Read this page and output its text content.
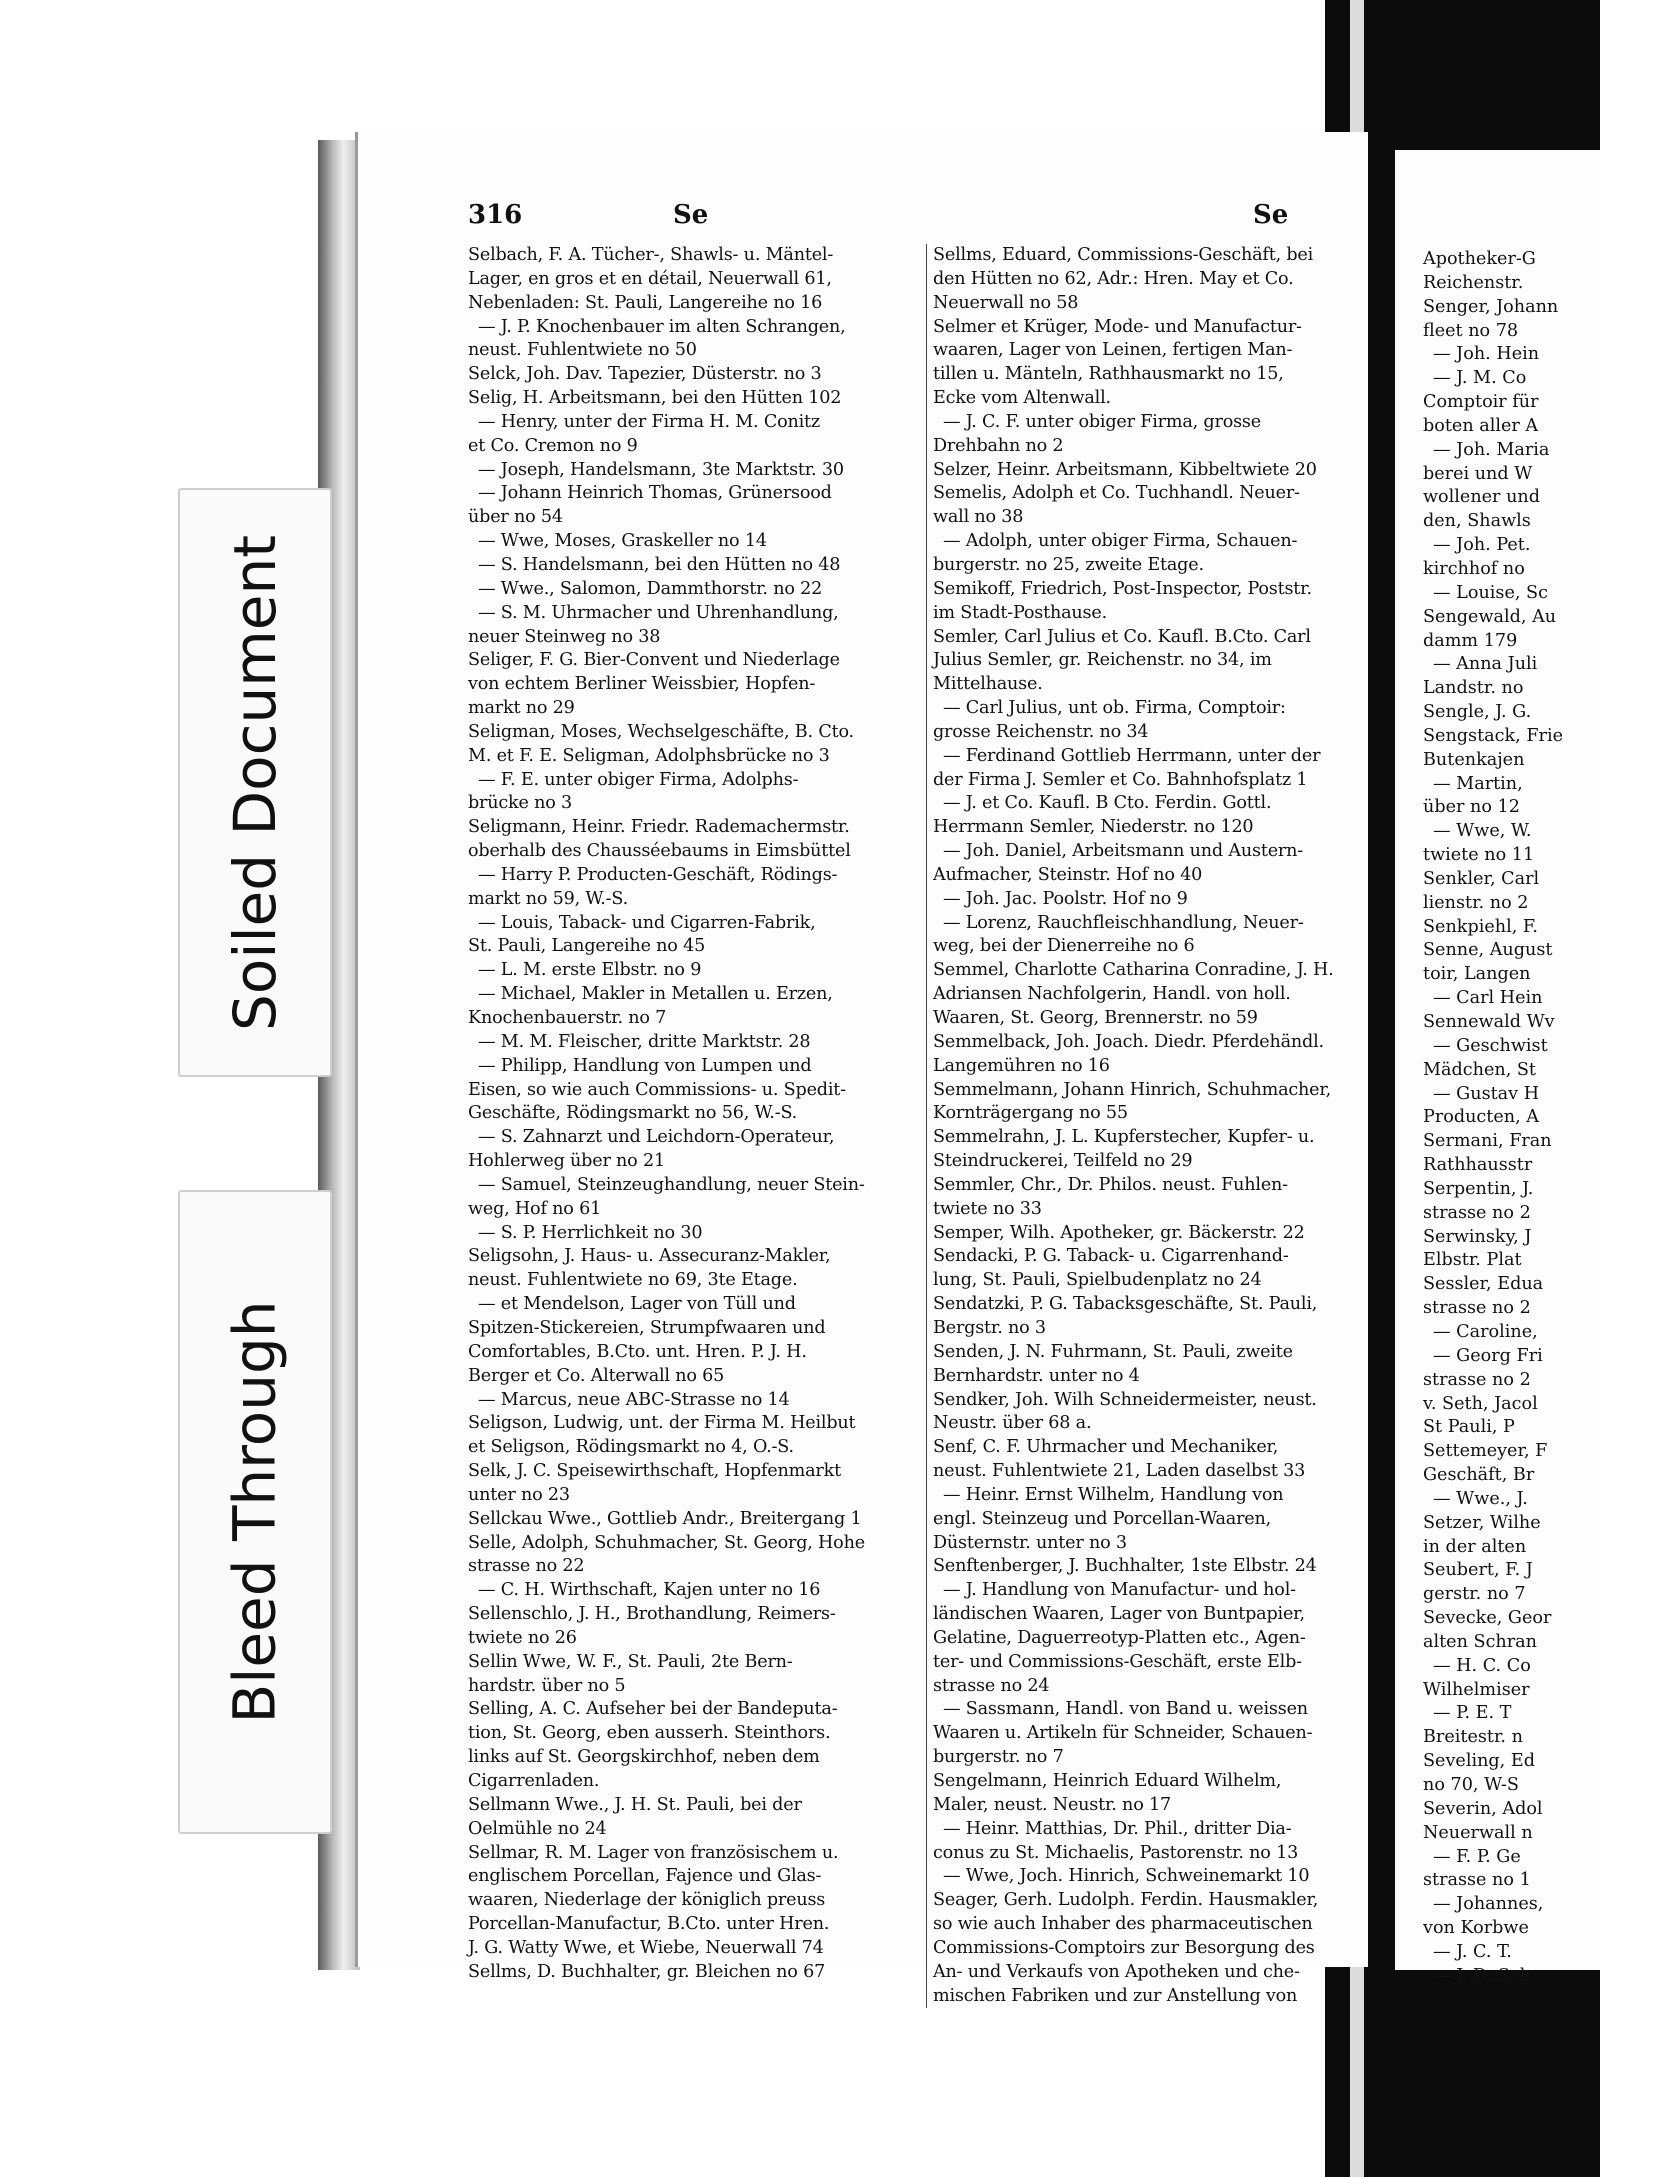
Soiled Document
Bleed Through
316	Se	Se
Selbach, F. A. Tücher-, Shawls- u. Mäntel-
Lager, en gros et en détail, Neuerwall 61,
Nebenladen: St. Pauli, Langereihe no 16
— J. P. Knochenbauer im alten Schrangen,
neust. Fuhlentwiete no 50
Selck, Joh. Dav. Tapezier, Düsterstr. no 3
Selig, H. Arbeitsmann, bei den Hütten 102
— Henry, unter der Firma H. M. Conitz
et Co. Cremon no 9
— Joseph, Handelsmann, 3te Marktstr. 30
— Johann Heinrich Thomas, Grünersood
über no 54
— Wwe, Moses, Graskeller no 14
— S. Handelsmann, bei den Hütten no 48
— Wwe., Salomon, Dammthorstr. no 22
— S. M. Uhrmacher und Uhrenhandlung,
neuer Steinweg no 38
Seliger, F. G. Bier-Convent und Niederlage
von echtem Berliner Weissbier, Hopfen-
markt no 29
Seligman, Moses, Wechselgeschäfte, B. Cto.
M. et F. E. Seligman, Adolphsbrücke no 3
— F. E. unter obiger Firma, Adolphs-
brücke no 3
Seligmann, Heinr. Friedr. Rademachermstr.
oberhalb des Chausséebaums in Eimsbüttel
— Harry P. Producten-Geschäft, Rödings-
markt no 59, W.-S.
— Louis, Taback- und Cigarren-Fabrik,
St. Pauli, Langereihe no 45
— L. M. erste Elbstr. no 9
— Michael, Makler in Metallen u. Erzen,
Knochenbauerstr. no 7
— M. M. Fleischer, dritte Marktstr. 28
— Philipp, Handlung von Lumpen und
Eisen, so wie auch Commissions- u. Spedit-
Geschäfte, Rödingsmarkt no 56, W.-S.
— S. Zahnarzt und Leichdorn-Operateur,
Hohlerweg über no 21
— Samuel, Steinzeughandlung, neuer Stein-
weg, Hof no 61
— S. P. Herrlichkeit no 30
Seligsohn, J. Haus- u. Assecuranz-Makler,
neust. Fuhlentwiete no 69, 3te Etage.
— et Mendelson, Lager von Tüll und
Spitzen-Stickereien, Strumpfwaaren und
Comfortables, B.Cto. unt. Hren. P. J. H.
Berger et Co. Alterwall no 65
— Marcus, neue ABC-Strasse no 14
Seligson, Ludwig, unt. der Firma M. Heilbut
et Seligson, Rödingsmarkt no 4, O.-S.
Selk, J. C. Speisewirthschaft, Hopfenmarkt
unter no 23
Sellckau Wwe., Gottlieb Andr., Breitergang 1
Selle, Adolph, Schuhmacher, St. Georg, Hohe
strasse no 22
— C. H. Wirthschaft, Kajen unter no 16
Sellenschlo, J. H., Brothandlung, Reimers-
twiete no 26
Sellin Wwe, W. F., St. Pauli, 2te Bern-
hardstr. über no 5
Selling, A. C. Aufseher bei der Bandeputa-
tion, St. Georg, eben ausserh. Steinthors.
links auf St. Georgskirchhof, neben dem
Cigarrenladen.
Sellmann Wwe., J. H. St. Pauli, bei der
Oelmühle no 24
Sellmar, R. M. Lager von französischem u.
englischem Porcellan, Fajence und Glas-
waaren, Niederlage der königlich preuss
Porcellan-Manufactur, B.Cto. unter Hren.
J. G. Watty Wwe, et Wiebe, Neuerwall 74
Sellms, D. Buchhalter, gr. Bleichen no 67
Sellms, Eduard, Commissions-Geschäft, bei
den Hütten no 62, Adr.: Hren. May et Co.
Neuerwall no 58
Selmer et Krüger, Mode- und Manufactur-
waaren, Lager von Leinen, fertigen Man-
tillen u. Mänteln, Rathhausmarkt no 15,
Ecke vom Altenwall.
— J. C. F. unter obiger Firma, grosse
Drehbahn no 2
Selzer, Heinr. Arbeitsmann, Kibbeltwiete 20
Semelis, Adolph et Co. Tuchhandl. Neuer-
wall no 38
— Adolph, unter obiger Firma, Schauen-
burgerstr. no 25, zweite Etage.
Semikoff, Friedrich, Post-Inspector, Poststr.
im Stadt-Posthause.
Semler, Carl Julius et Co. Kaufl. B.Cto. Carl
Julius Semler, gr. Reichenstr. no 34, im
Mittelhause.
— Carl Julius, unt ob. Firma, Comptoir:
grosse Reichenstr. no 34
— Ferdinand Gottlieb Herrmann, unter der
der Firma J. Semler et Co. Bahnhofsplatz 1
— J. et Co. Kaufl. B Cto. Ferdin. Gottl.
Herrmann Semler, Niederstr. no 120
— Joh. Daniel, Arbeitsmann und Austern-
Aufmacher, Steinstr. Hof no 40
— Joh. Jac. Poolstr. Hof no 9
— Lorenz, Rauchfleischhandlung, Neuer-
weg, bei der Dienerreihe no 6
Semmel, Charlotte Catharina Conradine, J. H.
Adriansen Nachfolgerin, Handl. von holl.
Waaren, St. Georg, Brennerstr. no 59
Semmelback, Joh. Joach. Diedr. Pferdehändl.
Langemühren no 16
Semmelmann, Johann Hinrich, Schuhmacher,
Kornträgergang no 55
Semmelrahn, J. L. Kupferstecher, Kupfer- u.
Steindruckerei, Teilfeld no 29
Semmler, Chr., Dr. Philos. neust. Fuhlen-
twiete no 33
Semper, Wilh. Apotheker, gr. Bäckerstr. 22
Sendacki, P. G. Taback- u. Cigarrenhand-
lung, St. Pauli, Spielbudenplatz no 24
Sendatzki, P. G. Tabacksgeschäfte, St. Pauli,
Bergstr. no 3
Senden, J. N. Fuhrmann, St. Pauli, zweite
Bernhardstr. unter no 4
Sendker, Joh. Wilh Schneidermeister, neust.
Neustr. über 68 a.
Senf, C. F. Uhrmacher und Mechaniker,
neust. Fuhlentwiete 21, Laden daselbst 33
— Heinr. Ernst Wilhelm, Handlung von
engl. Steinzeug und Porcellan-Waaren,
Düsternstr. unter no 3
Senftenberger, J. Buchhalter, 1ste Elbstr. 24
— J. Handlung von Manufactur- und hol-
ländischen Waaren, Lager von Buntpapier,
Gelatine, Daguerreotyp-Platten etc., Agen-
ter- und Commissions-Geschäft, erste Elb-
strasse no 24
— Sassmann, Handl. von Band u. weissen
Waaren u. Artikeln für Schneider, Schauen-
burgerstr. no 7
Sengelmann, Heinrich Eduard Wilhelm,
Maler, neust. Neustr. no 17
— Heinr. Matthias, Dr. Phil., dritter Dia-
conus zu St. Michaelis, Pastorenstr. no 13
— Wwe, Joch. Hinrich, Schweinemarkt 10
Seager, Gerh. Ludolph. Ferdin. Hausmakler,
so wie auch Inhaber des pharmaceutischen
Commissions-Comptoirs zur Besorgung des
An- und Verkaufs von Apotheken und che-
mischen Fabriken und zur Anstellung von
Apotheker-G
Reichenstr.
Senger, Johann
fleet no 78
— Joh. Hein
— J. M. Co
Comptoir für
boten aller A
— Joh. Maria
berei und W
wollener und
den, Shawls
— Joh. Pet.
kirchhof no
— Louise, Sc
Sengewald, Au
damm 179
— Anna Juli
Landstr. no
Sengle, J. G.
Sengstack, Frie
Butenkajen
— Martin,
über no 12
— Wwe, W.
twiete no 11
Senkler, Carl
lienstr. no 2
Senkpiehl, F.
Senne, August
toir, Langen
— Carl Hein
Sennewald Wv
— Geschwist
Mädchen, St
— Gustav H
Producten, A
Sermani, Fran
Rathhausstr
Serpentin, J.
strasse no 2
Serwinsky, J
Elbstr. Plat
Sessler, Edua
strasse no 2
— Caroline,
— Georg Fri
strasse no 2
v. Seth, Jacol
St Pauli, P
Settemeyer, F
Geschäft, Br
— Wwe., J.
Setzer, Wilhe
in der alten
Seubert, F. J
gerstr. no 7
Sevecke, Geor
alten Schran
— H. C. Co
Wilhelmiser
— P. E. T
Breitestr. n
Seveling, Ed
no 70, W-S
Severin, Adol
Neuerwall n
— F. P. Ge
strasse no 1
— Johannes,
von Korbwe
— J. C. T.
— J. D. Sch
